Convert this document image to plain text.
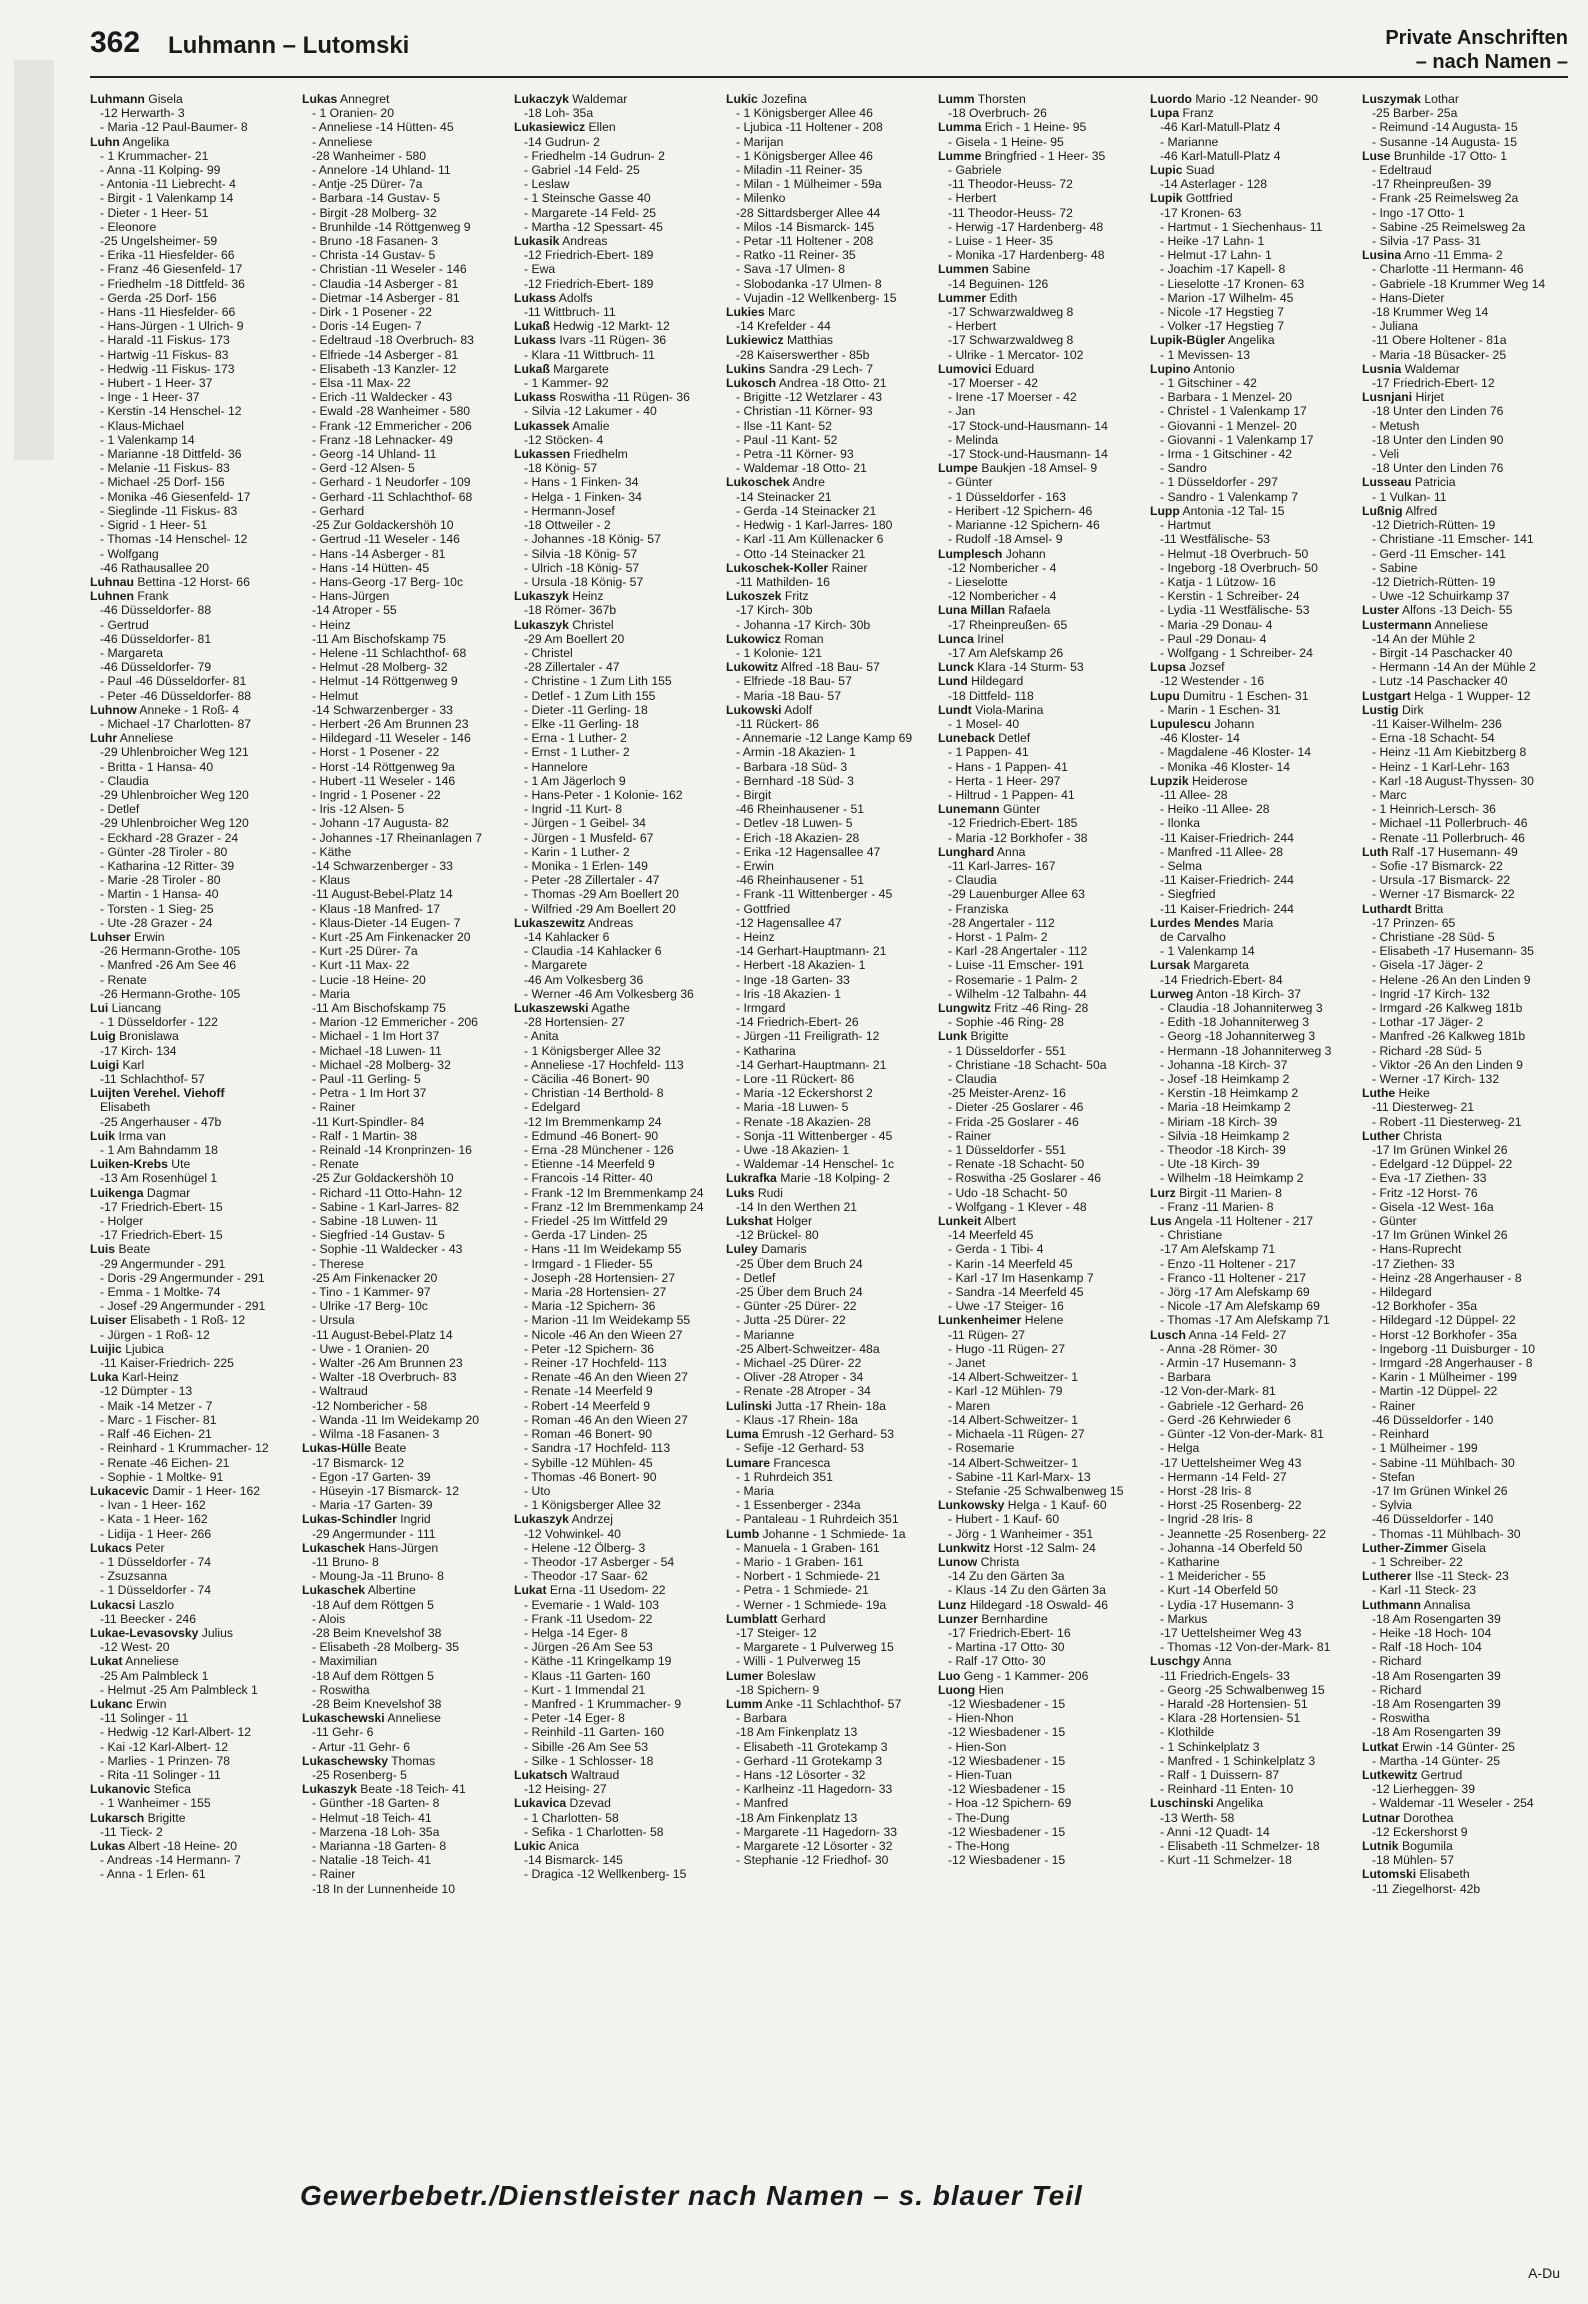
362 Luhmann – Lutomski	Private Anschriften
– nach Namen –
Luhmann Gisela
-12 Herwarth- 3
- Maria -12 Paul-Baumer- 8
Luhn Angelika
- 1 Krummacher- 21
- Anna -11 Kolping- 99
- Antonia -11 Liebrecht- 4
- Birgit - 1 Valenkamp 14
- Dieter - 1 Heer- 51
- Eleonore
-25 Ungelsheimer- 59
- Erika -11 Hiesfelder- 66
- Franz -46 Giesenfeld- 17
- Friedhelm -18 Dittfeld- 36
- Gerda -25 Dorf- 156
- Hans -11 Hiesfelder- 66
- Hans-Jürgen - 1 Ulrich- 9
- Harald -11 Fiskus- 173
- Hartwig -11 Fiskus- 83
- Hedwig -11 Fiskus- 173
- Hubert - 1 Heer- 37
- Inge - 1 Heer- 37
- Kerstin -14 Henschel- 12
- Klaus-Michael
- 1 Valenkamp 14
- Marianne -18 Dittfeld- 36
- Melanie -11 Fiskus- 83
- Michael -25 Dorf- 156
- Monika -46 Giesenfeld- 17
- Sieglinde -11 Fiskus- 83
- Sigrid - 1 Heer- 51
- Thomas -14 Henschel- 12
- Wolfgang
-46 Rathausallee 20
Luhnau Bettina -12 Horst- 66
Luhnen Frank
-46 Düsseldorfer- 88
- Gertrud
-46 Düsseldorfer- 81
- Margareta
-46 Düsseldorfer- 79
- Paul -46 Düsseldorfer- 81
- Peter -46 Düsseldorfer- 88
Luhnow Anneke - 1 Roß- 4
- Michael -17 Charlotten- 87
Luhr Anneliese
-29 Uhlenbroicher Weg 121
- Britta - 1 Hansa- 40
- Claudia
-29 Uhlenbroicher Weg 120
- Detlef
-29 Uhlenbroicher Weg 120
- Eckhard -28 Grazer - 24
- Günter -28 Tiroler - 80
- Katharina -12 Ritter- 39
- Marie -28 Tiroler - 80
- Martin - 1 Hansa- 40
- Torsten - 1 Sieg- 25
- Ute -28 Grazer - 24
Luhser Erwin
-26 Hermann-Grothe- 105
- Manfred -26 Am See 46
- Renate
-26 Hermann-Grothe- 105
Lui Liancang
- 1 Düsseldorfer - 122
Luig Bronislawa
-17 Kirch- 134
Luigi Karl
-11 Schlachthof- 57
Luijten Verehel. Viehoff
Elisabeth
-25 Angerhauser - 47b
Luik Irma van
- 1 Am Bahndamm 18
Luiken-Krebs Ute
-13 Am Rosenhügel 1
Luikenga Dagmar
-17 Friedrich-Ebert- 15
- Holger
-17 Friedrich-Ebert- 15
Luis Beate
-29 Angermunder - 291
- Doris -29 Angermunder - 291
- Emma - 1 Moltke- 74
- Josef -29 Angermunder - 291
Luiser Elisabeth - 1 Roß- 12
- Jürgen - 1 Roß- 12
Luijic Ljubica
-11 Kaiser-Friedrich- 225
Luka Karl-Heinz
-12 Dümpter - 13
- Maik -14 Metzer - 7
- Marc - 1 Fischer- 81
- Ralf -46 Eichen- 21
- Reinhard - 1 Krummacher- 12
- Renate -46 Eichen- 21
- Sophie - 1 Moltke- 91
Lukacevic Damir - 1 Heer- 162
- Ivan - 1 Heer- 162
- Kata - 1 Heer- 162
- Lidija - 1 Heer- 266
Lukacs Peter
- 1 Düsseldorfer - 74
- Zsuzsanna
- 1 Düsseldorfer - 74
Lukacsi Laszlo
-11 Beecker - 246
Lukae-Levasovsky Julius
-12 West- 20
Lukat Anneliese
-25 Am Palmbleck 1
- Helmut -25 Am Palmbleck 1
Lukanc Erwin
-11 Solinger - 11
- Hedwig -12 Karl-Albert- 12
- Kai -12 Karl-Albert- 12
- Marlies - 1 Prinzen- 78
- Rita -11 Solinger - 11
Lukanovic Stefica
- 1 Wanheimer - 155
Lukarsch Brigitte
-11 Tieck- 2
Lukas Albert -18 Heine- 20
- Andreas -14 Hermann- 7
- Anna - 1 Erlen- 61
Lukas Annegret
- 1 Oranien- 20
- Anneliese -14 Hütten- 45
- Anneliese
-28 Wanheimer - 580
- Annelore -14 Uhland- 11
- Antje -25 Dürer- 7a
- Barbara -14 Gustav- 5
- Birgit -28 Molberg- 32
- Brunhilde -14 Röttgenweg 9
- Bruno -18 Fasanen- 3
- Christa -14 Gustav- 5
- Christian -11 Weseler - 146
- Claudia -14 Asberger - 81
- Dietmar -14 Asberger - 81
- Dirk - 1 Posener - 22
- Doris -14 Eugen- 7
- Edeltraud -18 Overbruch- 83
- Elfriede -14 Asberger - 81
- Elisabeth -13 Kanzler- 12
- Elsa -11 Max- 22
- Erich -11 Waldecker - 43
- Ewald -28 Wanheimer - 580
- Frank -12 Emmericher - 206
- Franz -18 Lehnacker- 49
- Georg -14 Uhland- 11
- Gerd -12 Alsen- 5
- Gerhard - 1 Neudorfer - 109
- Gerhard -11 Schlachthof- 68
- Gerhard
-25 Zur Goldackershöh 10
- Gertrud -11 Weseler - 146
- Hans -14 Asberger - 81
- Hans -14 Hütten- 45
- Hans-Georg -17 Berg- 10c
- Hans-Jürgen
-14 Atroper - 55
- Heinz
-11 Am Bischofskamp 75
- Helene -11 Schlachthof- 68
- Helmut -28 Molberg- 32
- Helmut -14 Röttgenweg 9
- Helmut
-14 Schwarzenberger - 33
- Herbert -26 Am Brunnen 23
- Hildegard -11 Weseler - 146
- Horst - 1 Posener - 22
- Horst -14 Röttgenweg 9a
- Hubert -11 Weseler - 146
- Ingrid - 1 Posener - 22
- Iris -12 Alsen- 5
- Johann -17 Augusta- 82
- Johannes -17 Rheinanlagen 7
- Käthe
-14 Schwarzenberger - 33
- Klaus
-11 August-Bebel-Platz 14
- Klaus -18 Manfred- 17
- Klaus-Dieter -14 Eugen- 7
- Kurt -25 Am Finkenacker 20
- Kurt -25 Dürer- 7a
- Kurt -11 Max- 22
- Lucie -18 Heine- 20
- Maria
-11 Am Bischofskamp 75
- Marion -12 Emmericher - 206
- Michael - 1 Im Hort 37
- Michael -18 Luwen- 11
- Michael -28 Molberg- 32
- Paul -11 Gerling- 5
- Petra - 1 Im Hort 37
- Rainer
-11 Kurt-Spindler- 84
- Ralf - 1 Martin- 38
- Reinald -14 Kronprinzen- 16
- Renate
-25 Zur Goldackershöh 10
- Richard -11 Otto-Hahn- 12
- Sabine - 1 Karl-Jarres- 82
- Sabine -18 Luwen- 11
- Siegfried -14 Gustav- 5
- Sophie -11 Waldecker - 43
- Therese
-25 Am Finkenacker 20
- Tino - 1 Kammer- 97
- Ulrike -17 Berg- 10c
- Ursula
-11 August-Bebel-Platz 14
- Uwe - 1 Oranien- 20
- Walter -26 Am Brunnen 23
- Walter -18 Overbruch- 83
- Waltraud
-12 Nombericher - 58
- Wanda -11 Im Weidekamp 20
- Wilma -18 Fasanen- 3
Lukas-Hülle Beate
-17 Bismarck- 12
- Egon -17 Garten- 39
- Hüseyin -17 Bismarck- 12
- Maria -17 Garten- 39
Lukas-Schindler Ingrid
-29 Angermunder - 111
Lukaschek Hans-Jürgen
-11 Bruno- 8
- Moung-Ja -11 Bruno- 8
Lukaschek Albertine
-18 Auf dem Röttgen 5
- Alois
-28 Beim Knevelshof 38
- Elisabeth -28 Molberg- 35
- Maximilian
-18 Auf dem Röttgen 5
- Roswitha
-28 Beim Knevelshof 38
Lukaschewski Anneliese
-11 Gehr- 6
- Artur -11 Gehr- 6
Lukaschewsky Thomas
-25 Rosenberg- 5
Lukaszyk Beate -18 Teich- 41
- Günther -18 Garten- 8
- Helmut -18 Teich- 41
- Marzena -18 Loh- 35a
- Marianna -18 Garten- 8
- Natalie -18 Teich- 41
- Rainer
-18 In der Lunnenheide 10
Lukaczyk Waldemar
-18 Loh- 35a
Lukasiewicz Ellen
-14 Gudrun- 2
- Friedhelm -14 Gudrun- 2
- Gabriel -14 Feld- 25
- Leslaw
- 1 Steinsche Gasse 40
- Margarete -14 Feld- 25
- Martha -12 Spessart- 45
Lukasik Andreas
-12 Friedrich-Ebert- 189
- Ewa
-12 Friedrich-Ebert- 189
Lukass Adolfs
-11 Wittbruch- 11
Lukaß Hedwig -12 Markt- 12
Lukass Ivars -11 Rügen- 36
- Klara -11 Wittbruch- 11
Lukaß Margarete
- 1 Kammer- 92
Lukass Roswitha -11 Rügen- 36
- Silvia -12 Lakumer - 40
Lukassek Amalie
-12 Stöcken- 4
Lukassen Friedhelm
-18 König- 57
- Hans - 1 Finken- 34
- Helga - 1 Finken- 34
- Hermann-Josef
-18 Ottweiler - 2
- Johannes -18 König- 57
- Silvia -18 König- 57
- Ulrich -18 König- 57
- Ursula -18 König- 57
Lukaszyk Heinz
-18 Römer- 367b
Lukaszyk Christel
-29 Am Boellert 20
- Christel
-28 Zillertaler - 47
- Christine - 1 Zum Lith 155
- Detlef - 1 Zum Lith 155
- Dieter -11 Gerling- 18
- Elke -11 Gerling- 18
- Erna - 1 Luther- 2
- Ernst - 1 Luther- 2
- Hannelore
- 1 Am Jägerloch 9
- Hans-Peter - 1 Kolonie- 162
- Ingrid -11 Kurt- 8
- Jürgen - 1 Geibel- 34
- Jürgen - 1 Musfeld- 67
- Karin - 1 Luther- 2
- Monika - 1 Erlen- 149
- Peter -28 Zillertaler - 47
- Thomas -29 Am Boellert 20
- Wilfried -29 Am Boellert 20
Lukaszewitz Andreas
-14 Kahlacker 6
- Claudia -14 Kahlacker 6
- Margarete
-46 Am Volkesberg 36
- Werner -46 Am Volkesberg 36
Lukaszewski Agathe
-28 Hortensien- 27
- Anita
- 1 Königsberger Allee 32
- Anneliese -17 Hochfeld- 113
- Cäcilia -46 Bonert- 90
- Christian -14 Berthold- 8
- Edelgard
-12 Im Bremmenkamp 24
- Edmund -46 Bonert- 90
- Erna -28 Münchener - 126
- Etienne -14 Meerfeld 9
- Francois -14 Ritter- 40
- Frank -12 Im Bremmenkamp 24
- Franz -12 Im Bremmenkamp 24
- Friedel -25 Im Wittfeld 29
- Gerda -17 Linden- 25
- Hans -11 Im Weidekamp 55
- Irmgard - 1 Flieder- 55
- Joseph -28 Hortensien- 27
- Maria -28 Hortensien- 27
- Maria -12 Spichern- 36
- Marion -11 Im Weidekamp 55
- Nicole -46 An den Wieen 27
- Peter -12 Spichern- 36
- Reiner -17 Hochfeld- 113
- Renate -46 An den Wieen 27
- Renate -14 Meerfeld 9
- Robert -14 Meerfeld 9
- Roman -46 An den Wieen 27
- Roman -46 Bonert- 90
- Sandra -17 Hochfeld- 113
- Sybille -12 Mühlen- 45
- Thomas -46 Bonert- 90
- Uto
- 1 Königsberger Allee 32
Lukaszyk Andrzej
-12 Vohwinkel- 40
- Helene -12 Ölberg- 3
- Theodor -17 Asberger - 54
- Theodor -17 Saar- 62
Lukat Erna -11 Usedom- 22
- Evemarie - 1 Wald- 103
- Frank -11 Usedom- 22
- Helga -14 Eger- 8
- Jürgen -26 Am See 53
- Käthe -11 Kringelkamp 19
- Klaus -11 Garten- 160
- Kurt - 1 Immendal 21
- Manfred - 1 Krummacher- 9
- Peter -14 Eger- 8
- Reinhild -11 Garten- 160
- Sibille -26 Am See 53
- Silke - 1 Schlosser- 18
Lukatsch Waltraud
-12 Heising- 27
Lukavica Dzevad
- 1 Charlotten- 58
- Sefika - 1 Charlotten- 58
Lukic Anica
-14 Bismarck- 145
- Dragica -12 Wellkenberg- 15
Lukic Jozefina
- 1 Königsberger Allee 46
- Ljubica -11 Holtener - 208
- Marijan
- 1 Königsberger Allee 46
- Miladin -11 Reiner- 35
- Milan - 1 Mülheimer - 59a
- Milenko
-28 Sittardsberger Allee 44
- Milos -14 Bismarck- 145
- Petar -11 Holtener - 208
- Ratko -11 Reiner- 35
- Sava -17 Ulmen- 8
- Slobodanka -17 Ulmen- 8
- Vujadin -12 Wellkenberg- 15
Lukies Marc
-14 Krefelder - 44
Lukiewicz Matthias
-28 Kaiserswerther - 85b
Lukins Sandra -29 Lech- 7
Lukosch Andrea -18 Otto- 21
- Brigitte -12 Wetzlarer - 43
- Christian -11 Körner- 93
- Ilse -11 Kant- 52
- Paul -11 Kant- 52
- Petra -11 Körner- 93
- Waldemar -18 Otto- 21
Lukoschek Andre
-14 Steinacker 21
- Gerda -14 Steinacker 21
- Hedwig - 1 Karl-Jarres- 180
- Karl -11 Am Küllenacker 6
- Otto -14 Steinacker 21
Lukoschek-Koller Rainer
-11 Mathilden- 16
Lukoszek Fritz
-17 Kirch- 30b
- Johanna -17 Kirch- 30b
Lukowicz Roman
- 1 Kolonie- 121
Lukowitz Alfred -18 Bau- 57
- Elfriede -18 Bau- 57
- Maria -18 Bau- 57
Lukowski Adolf
-11 Rückert- 86
- Annemarie -12 Lange Kamp 69
- Armin -18 Akazien- 1
- Barbara -18 Süd- 3
- Bernhard -18 Süd- 3
- Birgit
-46 Rheinhausener - 51
- Detlev -18 Luwen- 5
- Erich -18 Akazien- 28
- Erika -12 Hagensallee 47
- Erwin
-46 Rheinhausener - 51
- Frank -11 Wittenberger - 45
- Gottfried
-12 Hagensallee 47
- Heinz
-14 Gerhart-Hauptmann- 21
- Herbert -18 Akazien- 1
- Inge -18 Garten- 33
- Iris -18 Akazien- 1
- Irmgard
-14 Friedrich-Ebert- 26
- Jürgen -11 Freiligrath- 12
- Katharina
-14 Gerhart-Hauptmann- 21
- Lore -11 Rückert- 86
- Maria -12 Eckershorst 2
- Maria -18 Luwen- 5
- Renate -18 Akazien- 28
- Sonja -11 Wittenberger - 45
- Uwe -18 Akazien- 1
- Waldemar -14 Henschel- 1c
Lukrafka Marie -18 Kolping- 2
Luks Rudi
-14 In den Werthen 21
Lukshat Holger
-12 Brückel- 80
Luley Damaris
-25 Über dem Bruch 24
- Detlef
-25 Über dem Bruch 24
- Günter -25 Dürer- 22
- Jutta -25 Dürer- 22
- Marianne
-25 Albert-Schweitzer- 48a
- Michael -25 Dürer- 22
- Oliver -28 Atroper - 34
- Renate -28 Atroper - 34
Lulinski Jutta -17 Rhein- 18a
- Klaus -17 Rhein- 18a
Luma Emrush -12 Gerhard- 53
- Sefije -12 Gerhard- 53
Lumare Francesca
- 1 Ruhrdeich 351
- Maria
- 1 Essenberger - 234a
- Pantaleau - 1 Ruhrdeich 351
Lumb Johanne - 1 Schmiede- 1a
- Manuela - 1 Graben- 161
- Mario - 1 Graben- 161
- Norbert - 1 Schmiede- 21
- Petra - 1 Schmiede- 21
- Werner - 1 Schmiede- 19a
Lumblatt Gerhard
-17 Steiger- 12
- Margarete - 1 Pulverweg 15
- Willi - 1 Pulverweg 15
Lumer Boleslaw
-18 Spichern- 9
Lumm Anke -11 Schlachthof- 57
- Barbara
-18 Am Finkenplatz 13
- Elisabeth -11 Grotekamp 3
- Gerhard -11 Grotekamp 3
- Hans -12 Lösorter - 32
- Karlheinz -11 Hagedorn- 33
- Manfred
-18 Am Finkenplatz 13
- Margarete -11 Hagedorn- 33
- Margarete -12 Lösorter - 32
- Stephanie -12 Friedhof- 30
Lumm Thorsten
-18 Overbruch- 26
Lumma Erich - 1 Heine- 95
- Gisela - 1 Heine- 95
Lumme Bringfried - 1 Heer- 35
- Gabriele
-11 Theodor-Heuss- 72
- Herbert
-11 Theodor-Heuss- 72
- Herwig -17 Hardenberg- 48
- Luise - 1 Heer- 35
- Monika -17 Hardenberg- 48
Lummen Sabine
-14 Beguinen- 126
Lummer Edith
-17 Schwarzwaldweg 8
- Herbert
-17 Schwarzwaldweg 8
- Ulrike - 1 Mercator- 102
Lumovici Eduard
-17 Moerser - 42
- Irene -17 Moerser - 42
- Jan
-17 Stock-und-Hausmann- 14
- Melinda
-17 Stock-und-Hausmann- 14
Lumpe Baukjen -18 Amsel- 9
- Günter
- 1 Düsseldorfer - 163
- Heribert -12 Spichern- 46
- Marianne -12 Spichern- 46
- Rudolf -18 Amsel- 9
Lumplesch Johann
-12 Nombericher - 4
- Lieselotte
-12 Nombericher - 4
Luna Millan Rafaela
-17 Rheinpreußen- 65
Lunca Irinel
-17 Am Alefskamp 26
Lunck Klara -14 Sturm- 53
Lund Hildegard
-18 Dittfeld- 118
Lundt Viola-Marina
- 1 Mosel- 40
Luneback Detlef
- 1 Pappen- 41
- Hans - 1 Pappen- 41
- Herta - 1 Heer- 297
- Hiltrud - 1 Pappen- 41
Lunemann Günter
-12 Friedrich-Ebert- 185
- Maria -12 Borkhofer - 38
Lunghard Anna
-11 Karl-Jarres- 167
- Claudia
-29 Lauenburger Allee 63
- Franziska
-28 Angertaler - 112
- Horst - 1 Palm- 2
- Karl -28 Angertaler - 112
- Luise -11 Emscher- 191
- Rosemarie - 1 Palm- 2
- Wilhelm -12 Talbahn- 44
Lungwitz Fritz -46 Ring- 28
- Sophie -46 Ring- 28
Lunk Brigitte
- 1 Düsseldorfer - 551
- Christiane -18 Schacht- 50a
- Claudia
-25 Meister-Arenz- 16
- Dieter -25 Goslarer - 46
- Frida -25 Goslarer - 46
- Rainer
- 1 Düsseldorfer - 551
- Renate -18 Schacht- 50
- Roswitha -25 Goslarer - 46
- Udo -18 Schacht- 50
- Wolfgang - 1 Klever - 48
Lunkeit Albert
-14 Meerfeld 45
- Gerda - 1 Tibi- 4
- Karin -14 Meerfeld 45
- Karl -17 Im Hasenkamp 7
- Sandra -14 Meerfeld 45
- Uwe -17 Steiger- 16
Lunkenheimer Helene
-11 Rügen- 27
- Hugo -11 Rügen- 27
- Janet
-14 Albert-Schweitzer- 1
- Karl -12 Mühlen- 79
- Maren
-14 Albert-Schweitzer- 1
- Michaela -11 Rügen- 27
- Rosemarie
-14 Albert-Schweitzer- 1
- Sabine -11 Karl-Marx- 13
- Stefanie -25 Schwalbenweg 15
Lunkowsky Helga - 1 Kauf- 60
- Hubert - 1 Kauf- 60
- Jörg - 1 Wanheimer - 351
Lunkwitz Horst -12 Salm- 24
Lunow Christa
-14 Zu den Gärten 3a
- Klaus -14 Zu den Gärten 3a
Lunz Hildegard -18 Oswald- 46
Lunzer Bernhardine
-17 Friedrich-Ebert- 16
- Martina -17 Otto- 30
- Ralf -17 Otto- 30
Luo Geng - 1 Kammer- 206
Luong Hien
-12 Wiesbadener - 15
- Hien-Nhon
-12 Wiesbadener - 15
- Hien-Son
-12 Wiesbadener - 15
- Hien-Tuan
-12 Wiesbadener - 15
- Hoa -12 Spichern- 69
- The-Dung
-12 Wiesbadener - 15
- The-Hong
-12 Wiesbadener - 15
Luordo Mario -12 Neander- 90
Lupa Franz
-46 Karl-Matull-Platz 4
- Marianne
-46 Karl-Matull-Platz 4
Lupic Suad
-14 Asterlager - 128
Lupik Gottfried
-17 Kronen- 63
- Hartmut - 1 Siechenhaus- 11
- Heike -17 Lahn- 1
- Helmut -17 Lahn- 1
- Joachim -17 Kapell- 8
- Lieselotte -17 Kronen- 63
- Marion -17 Wilhelm- 45
- Nicole -17 Hegstieg 7
- Volker -17 Hegstieg 7
Lupik-Bügler Angelika
- 1 Mevissen- 13
Lupino Antonio
- 1 Gitschiner - 42
- Barbara - 1 Menzel- 20
- Christel - 1 Valenkamp 17
- Giovanni - 1 Menzel- 20
- Giovanni - 1 Valenkamp 17
- Irma - 1 Gitschiner - 42
- Sandro
- 1 Düsseldorfer - 297
- Sandro - 1 Valenkamp 7
Lupp Antonia -12 Tal- 15
- Hartmut
-11 Westfälische- 53
- Helmut -18 Overbruch- 50
- Ingeborg -18 Overbruch- 50
- Katja - 1 Lützow- 16
- Kerstin - 1 Schreiber- 24
- Lydia -11 Westfälische- 53
- Maria -29 Donau- 4
- Paul -29 Donau- 4
- Wolfgang - 1 Schreiber- 24
Lupsa Jozsef
-12 Westender - 16
Lupu Dumitru - 1 Eschen- 31
- Marin - 1 Eschen- 31
Lupulescu Johann
-46 Kloster- 14
- Magdalene -46 Kloster- 14
- Monika -46 Kloster- 14
Lupzik Heiderose
-11 Allee- 28
- Heiko -11 Allee- 28
- Ilonka
-11 Kaiser-Friedrich- 244
- Manfred -11 Allee- 28
- Selma
-11 Kaiser-Friedrich- 244
- Siegfried
-11 Kaiser-Friedrich- 244
Lurdes Mendes Maria
de Carvalho
- 1 Valenkamp 14
Lursak Margareta
-14 Friedrich-Ebert- 84
Lurweg Anton -18 Kirch- 37
- Claudia -18 Johanniterweg 3
- Edith -18 Johanniterweg 3
- Georg -18 Johanniterweg 3
- Hermann -18 Johanniterweg 3
- Johanna -18 Kirch- 37
- Josef -18 Heimkamp 2
- Kerstin -18 Heimkamp 2
- Maria -18 Heimkamp 2
- Miriam -18 Kirch- 39
- Silvia -18 Heimkamp 2
- Theodor -18 Kirch- 39
- Ute -18 Kirch- 39
- Wilhelm -18 Heimkamp 2
Lurz Birgit -11 Marien- 8
- Franz -11 Marien- 8
Lus Angela -11 Holtener - 217
- Christiane
-17 Am Alefskamp 71
- Enzo -11 Holtener - 217
- Franco -11 Holtener - 217
- Jörg -17 Am Alefskamp 69
- Nicole -17 Am Alefskamp 69
- Thomas -17 Am Alefskamp 71
Lusch Anna -14 Feld- 27
- Anna -28 Römer- 30
- Armin -17 Husemann- 3
- Barbara
-12 Von-der-Mark- 81
- Gabriele -12 Gerhard- 26
- Gerd -26 Kehrwieder 6
- Günter -12 Von-der-Mark- 81
- Helga
-17 Uettelsheimer Weg 43
- Hermann -14 Feld- 27
- Horst -28 Iris- 8
- Horst -25 Rosenberg- 22
- Ingrid -28 Iris- 8
- Jeannette -25 Rosenberg- 22
- Johanna -14 Oberfeld 50
- Katharine
- 1 Meidericher - 55
- Kurt -14 Oberfeld 50
- Lydia -17 Husemann- 3
- Markus
-17 Uettelsheimer Weg 43
- Thomas -12 Von-der-Mark- 81
Luschgy Anna
-11 Friedrich-Engels- 33
- Georg -25 Schwalbenweg 15
- Harald -28 Hortensien- 51
- Klara -28 Hortensien- 51
- Klothilde
- 1 Schinkelplatz 3
- Manfred - 1 Schinkelplatz 3
- Ralf - 1 Duissern- 87
- Reinhard -11 Enten- 10
Luschinski Angelika
-13 Werth- 58
- Anni -12 Quadt- 14
- Elisabeth -11 Schmelzer- 18
- Kurt -11 Schmelzer- 18
Luszymak Lothar
-25 Barber- 25a
- Reimund -14 Augusta- 15
- Susanne -14 Augusta- 15
Luse Brunhilde -17 Otto- 1
- Edeltraud
-17 Rheinpreußen- 39
- Frank -25 Reimelsweg 2a
- Ingo -17 Otto- 1
- Sabine -25 Reimelsweg 2a
- Silvia -17 Pass- 31
Lusina Arno -11 Emma- 2
- Charlotte -11 Hermann- 46
- Gabriele -18 Krummer Weg 14
- Hans-Dieter
-18 Krummer Weg 14
- Juliana
-11 Obere Holtener - 81a
- Maria -18 Büsacker- 25
Lusnia Waldemar
-17 Friedrich-Ebert- 12
Lusnjani Hirjet
-18 Unter den Linden 76
- Metush
-18 Unter den Linden 90
- Veli
-18 Unter den Linden 76
Lusseau Patricia
- 1 Vulkan- 11
Lußnig Alfred
-12 Dietrich-Rütten- 19
- Christiane -11 Emscher- 141
- Gerd -11 Emscher- 141
- Sabine
-12 Dietrich-Rütten- 19
- Uwe -12 Schuirkamp 37
Luster Alfons -13 Deich- 55
Lustermann Anneliese
-14 An der Mühle 2
- Birgit -14 Paschacker 40
- Hermann -14 An der Mühle 2
- Lutz -14 Paschacker 40
Lustgart Helga - 1 Wupper- 12
Lustig Dirk
-11 Kaiser-Wilhelm- 236
- Erna -18 Schacht- 54
- Heinz -11 Am Kiebitzberg 8
- Heinz - 1 Karl-Lehr- 163
- Karl -18 August-Thyssen- 30
- Marc
- 1 Heinrich-Lersch- 36
- Michael -11 Pollerbruch- 46
- Renate -11 Pollerbruch- 46
Luth Ralf -17 Husemann- 49
- Sofie -17 Bismarck- 22
- Ursula -17 Bismarck- 22
- Werner -17 Bismarck- 22
Luthardt Britta
-17 Prinzen- 65
- Christiane -28 Süd- 5
- Elisabeth -17 Husemann- 35
- Gisela -17 Jäger- 2
- Helene -26 An den Linden 9
- Ingrid -17 Kirch- 132
- Irmgard -26 Kalkweg 181b
- Lothar -17 Jäger- 2
- Manfred -26 Kalkweg 181b
- Richard -28 Süd- 5
- Viktor -26 An den Linden 9
- Werner -17 Kirch- 132
Luthe Heike
-11 Diesterweg- 21
- Robert -11 Diesterweg- 21
Luther Christa
-17 Im Grünen Winkel 26
- Edelgard -12 Düppel- 22
- Eva -17 Ziethen- 33
- Fritz -12 Horst- 76
- Gisela -12 West- 16a
- Günter
-17 Im Grünen Winkel 26
- Hans-Ruprecht
-17 Ziethen- 33
- Heinz -28 Angerhauser - 8
- Hildegard
-12 Borkhofer - 35a
- Hildegard -12 Düppel- 22
- Horst -12 Borkhofer - 35a
- Ingeborg -11 Duisburger - 10
- Irmgard -28 Angerhauser - 8
- Karin - 1 Mülheimer - 199
- Martin -12 Düppel- 22
- Rainer
-46 Düsseldorfer - 140
- Reinhard
- 1 Mülheimer - 199
- Sabine -11 Mühlbach- 30
- Stefan
-17 Im Grünen Winkel 26
- Sylvia
-46 Düsseldorfer - 140
- Thomas -11 Mühlbach- 30
Luther-Zimmer Gisela
- 1 Schreiber- 22
Lutherer Ilse -11 Steck- 23
- Karl -11 Steck- 23
Luthmann Annalisa
-18 Am Rosengarten 39
- Heike -18 Hoch- 104
- Ralf -18 Hoch- 104
- Richard
-18 Am Rosengarten 39
- Richard
-18 Am Rosengarten 39
- Roswitha
-18 Am Rosengarten 39
Lutkat Erwin -14 Günter- 25
- Martha -14 Günter- 25
Lutkewitz Gertrud
-12 Lierheggen- 39
- Waldemar -11 Weseler - 254
Lutnar Dorothea
-12 Eckershorst 9
Lutnik Bogumila
-18 Mühlen- 57
Lutomski Elisabeth
-11 Ziegelhorst- 42b
Gewerbebetr./Dienstleister nach Namen – s. blauer Teil
A-Du
